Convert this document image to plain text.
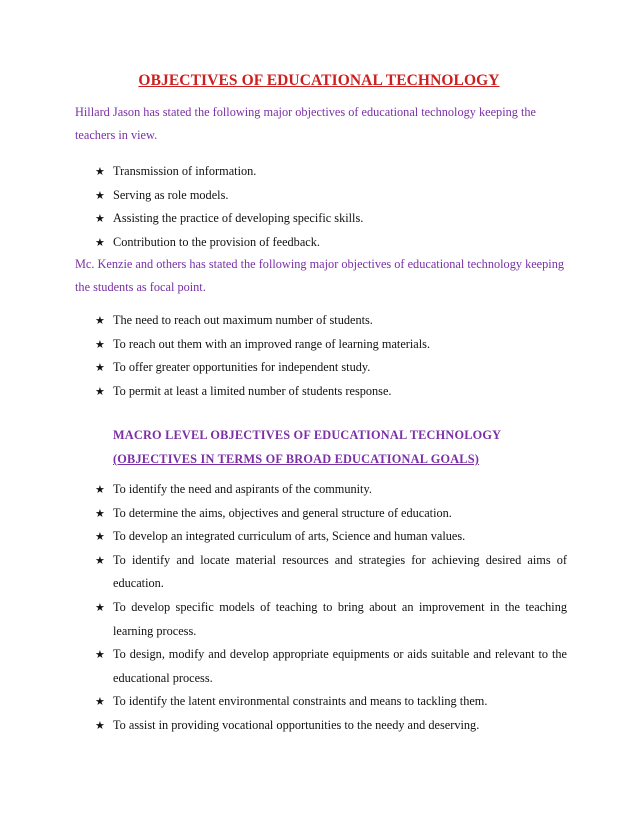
OBJECTIVES OF EDUCATIONAL TECHNOLOGY
Hillard Jason has stated the following major objectives of educational technology keeping the teachers in view.
★ Transmission of information.
★ Serving as role models.
★ Assisting the practice of developing specific skills.
★ Contribution to the provision of feedback.
Mc. Kenzie and others has stated the following major objectives of educational technology keeping the students as focal point.
★ The need to reach out maximum number of students.
★ To reach out them with an improved range of learning materials.
★ To offer greater opportunities for independent study.
★ To permit at least a limited number of students response.
MACRO LEVEL OBJECTIVES OF EDUCATIONAL TECHNOLOGY
(OBJECTIVES IN TERMS OF BROAD EDUCATIONAL GOALS)
★ To identify the need and aspirants of the community.
★ To determine the aims, objectives and general structure of education.
★ To develop an integrated curriculum of arts, Science and human values.
★ To identify and locate material resources and strategies for achieving desired aims of education.
★ To develop specific models of teaching to bring about an improvement in the teaching learning process.
★ To design, modify and develop appropriate equipments or aids suitable and relevant to the educational process.
★ To identify the latent environmental constraints and means to tackling them.
★ To assist in providing vocational opportunities to the needy and deserving.
